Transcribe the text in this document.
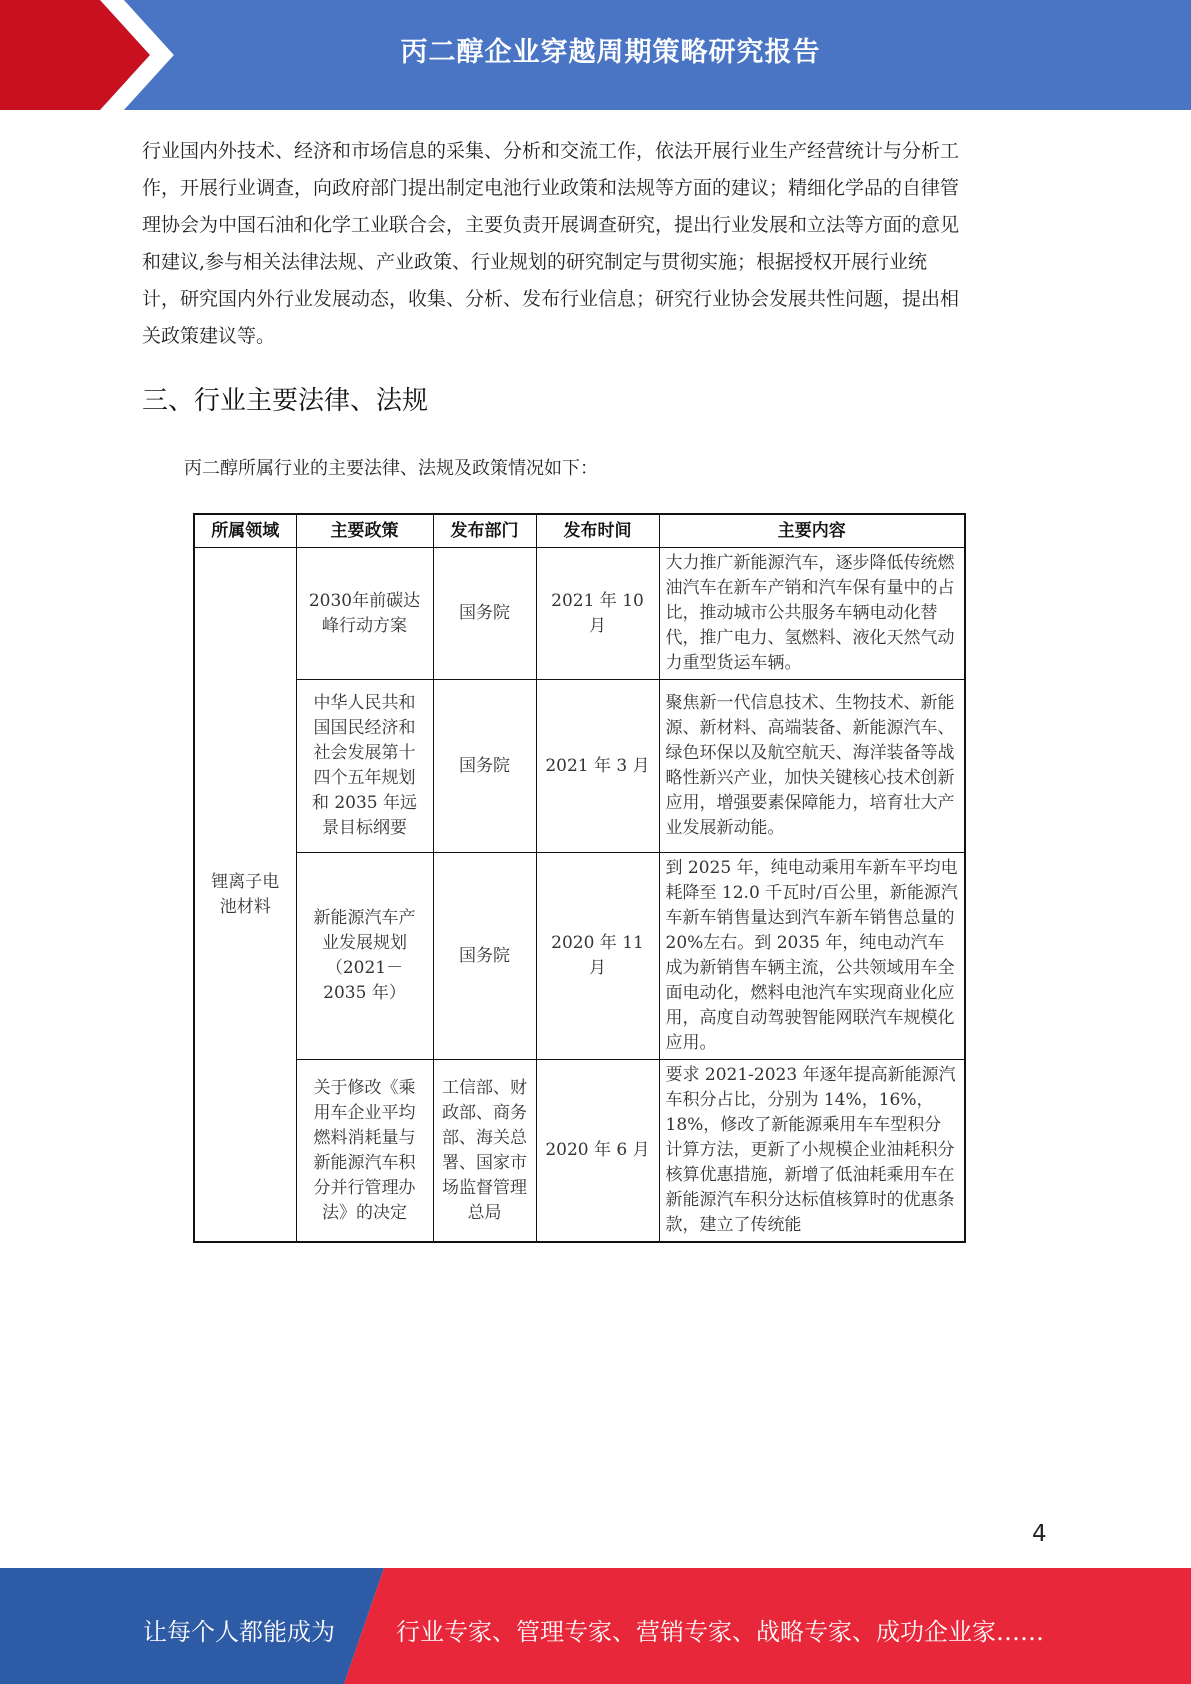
丙二醇企业穿越周期策略研究报告

行业国内外技术、经济和市场信息的采集、分析和交流工作，依法开展行业生产经营统计与分析工

作，开展行业调查，向政府部门提出制定电池行业政策和法规等方面的建议；精细化学品的自律管

理协会为中国石油和化学工业联合会，主要负责开展调查研究，提出行业发展和立法等方面的意见

和建议,参与相关法律法规、产业政策、行业规划的研究制定与贯彻实施；根据授权开展行业统

计，研究国内外行业发展动态，收集、分析、发布行业信息；研究行业协会发展共性问题，提出相

关政策建议等。

三、行业主要法律、法规
丙二醇所属行业的主要法律、法规及政策情况如下：
所属领域	主要政策	发布部门	发布时间	主要内容
锂离子电池材料	2030年前碳达峰行动方案	国务院	2021 年 10 月	大力推广新能源汽车，逐步降低传统燃油汽车在新车产销和汽车保有量中的占比，推动城市公共服务车辆电动化替代，推广电力、氢燃料、液化天然气动力重型货运车辆。
	中华人民共和国国民经济和社会发展第十四个五年规划和 2035 年远景目标纲要	国务院	2021 年 3 月	聚焦新一代信息技术、生物技术、新能源、新材料、高端装备、新能源汽车、绿色环保以及航空航天、海洋装备等战略性新兴产业，加快关键核心技术创新应用，增强要素保障能力，培育壮大产业发展新动能。
	新能源汽车产业发展规划（2021－2035 年）	国务院	2020 年 11 月	到 2025 年，纯电动乘用车新车平均电耗降至 12.0 千瓦时/百公里，新能源汽车新车销售量达到汽车新车销售总量的 20%左右。到 2035 年，纯电动汽车成为新销售车辆主流，公共领域用车全面电动化，燃料电池汽车实现商业化应用，高度自动驾驶智能网联汽车规模化应用。
	关于修改《乘用车企业平均燃料消耗量与新能源汽车积分并行管理办法》的决定	工信部、财政部、商务部、海关总署、国家市场监督管理总局	2020 年 6 月	要求 2021-2023 年逐年提高新能源汽车积分占比，分别为 14%，16%，18%，修改了新能源乘用车车型积分计算方法，更新了小规模企业油耗积分核算优惠措施，新增了低油耗乘用车在新能源汽车积分达标值核算时的优惠条款，建立了传统能
4
让每个人都能成为	行业专家、管理专家、营销专家、战略专家、成功企业家……
